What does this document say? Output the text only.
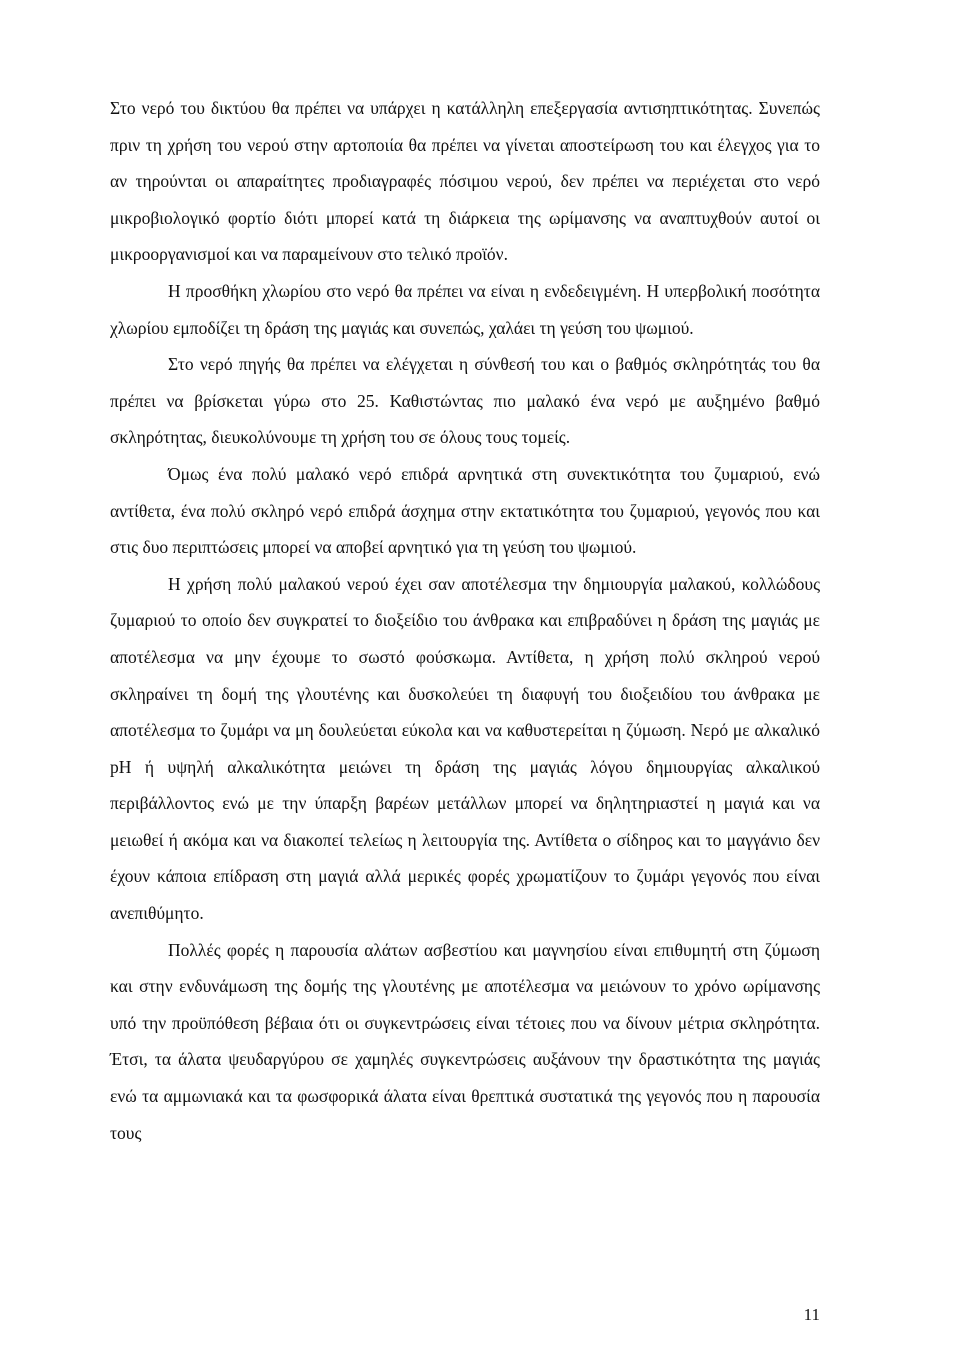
Στο νερό του δικτύου θα πρέπει να υπάρχει η κατάλληλη επεξεργασία αντισηπτικότητας. Συνεπώς πριν τη χρήση του νερού στην αρτοποιία θα πρέπει να γίνεται αποστείρωση του και έλεγχος για το αν τηρούνται οι απαραίτητες προδιαγραφές πόσιμου νερού, δεν πρέπει να περιέχεται στο νερό μικροβιολογικό φορτίο διότι μπορεί κατά τη διάρκεια της ωρίμανσης να αναπτυχθούν αυτοί οι μικροοργανισμοί και να παραμείνουν στο τελικό προϊόν.

Η προσθήκη χλωρίου στο νερό θα πρέπει να είναι η ενδεδειγμένη. Η υπερβολική ποσότητα χλωρίου εμποδίζει τη δράση της μαγιάς και συνεπώς, χαλάει τη γεύση του ψωμιού.

Στο νερό πηγής θα πρέπει να ελέγχεται η σύνθεσή του και ο βαθμός σκληρότητάς του θα πρέπει να βρίσκεται γύρω στο 25. Καθιστώντας πιο μαλακό ένα νερό με αυξημένο βαθμό σκληρότητας, διευκολύνουμε τη χρήση του σε όλους τους τομείς.

Όμως ένα πολύ μαλακό νερό επιδρά αρνητικά στη συνεκτικότητα του ζυμαριού, ενώ αντίθετα, ένα πολύ σκληρό νερό επιδρά άσχημα στην εκτατικότητα του ζυμαριού, γεγονός που και στις δυο περιπτώσεις μπορεί να αποβεί αρνητικό για τη γεύση του ψωμιού.

Η χρήση πολύ μαλακού νερού έχει σαν αποτέλεσμα την δημιουργία μαλακού, κολλώδους ζυμαριού το οποίο δεν συγκρατεί το διοξείδιο του άνθρακα και επιβραδύνει η δράση της μαγιάς με αποτέλεσμα να μην έχουμε το σωστό φούσκωμα. Αντίθετα, η χρήση πολύ σκληρού νερού σκληραίνει τη δομή της γλουτένης και δυσκολεύει τη διαφυγή του διοξειδίου του άνθρακα με αποτέλεσμα το ζυμάρι να μη δουλεύεται εύκολα και να καθυστερείται η ζύμωση. Νερό με αλκαλικό pH ή υψηλή αλκαλικότητα μειώνει τη δράση της μαγιάς λόγου δημιουργίας αλκαλικού περιβάλλοντος ενώ με την ύπαρξη βαρέων μετάλλων μπορεί να δηλητηριαστεί η μαγιά και να μειωθεί ή ακόμα και να διακοπεί τελείως η λειτουργία της. Αντίθετα ο σίδηρος και το μαγγάνιο δεν έχουν κάποια επίδραση στη μαγιά αλλά μερικές φορές χρωματίζουν το ζυμάρι γεγονός που είναι ανεπιθύμητο.

Πολλές φορές η παρουσία αλάτων ασβεστίου και μαγνησίου είναι επιθυμητή στη ζύμωση και στην ενδυνάμωση της δομής της γλουτένης με αποτέλεσμα να μειώνουν το χρόνο ωρίμανσης υπό την προϋπόθεση βέβαια ότι οι συγκεντρώσεις είναι τέτοιες που να δίνουν μέτρια σκληρότητα. Έτσι, τα άλατα ψευδαργύρου σε χαμηλές συγκεντρώσεις αυξάνουν την δραστικότητα της μαγιάς ενώ τα αμμωνιακά και τα φωσφορικά άλατα είναι θρεπτικά συστατικά της γεγονός που η παρουσία τους

11
